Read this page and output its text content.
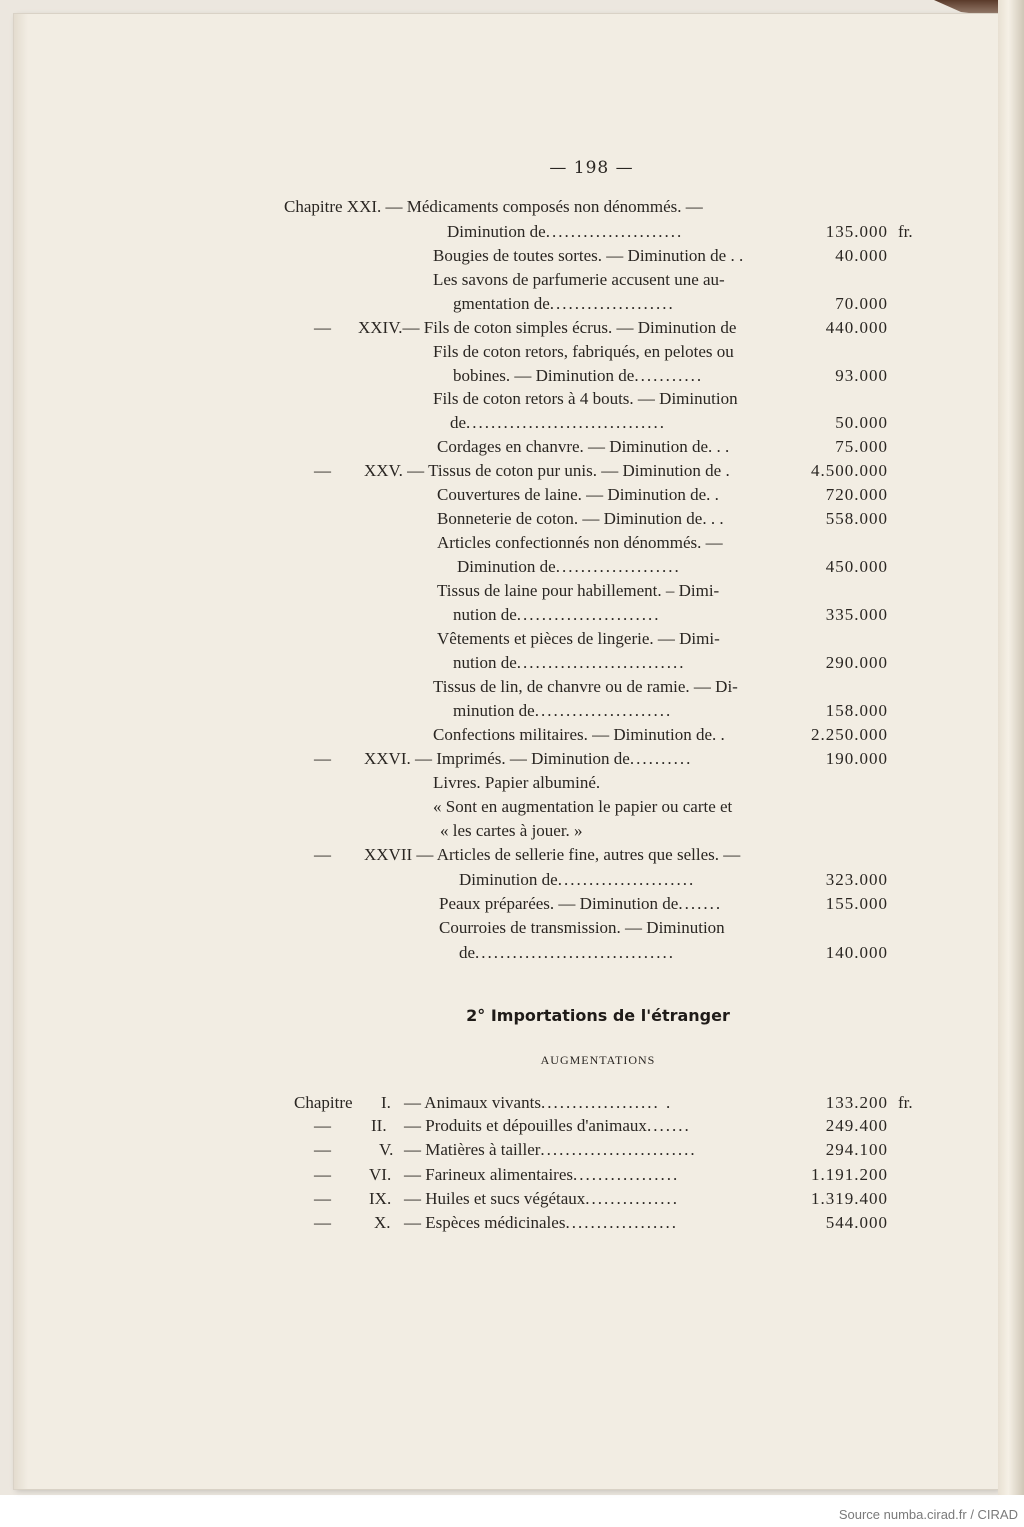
— 198 —
Chapitre XXI. — Médicaments composés non dénommés. —
Diminution de......................	135.000 fr.
Bougies de toutes sortes. — Diminution de . .	40.000
Les savons de parfumerie accusent une au-
gmentation de....................	70.000
— XXIV.— Fils de coton simples écrus. — Diminution de	440.000
Fils de coton retors, fabriqués, en pelotes ou
bobines. — Diminution de...........	93.000
Fils de coton retors à 4 bouts. — Diminution
de................................	50.000
Cordages en chanvre. — Diminution de. . .	75.000
— XXV. — Tissus de coton pur unis. — Diminution de .	4.500.000
Couvertures de laine. — Diminution de. .	720.000
Bonneterie de coton. — Diminution de. . .	558.000
Articles confectionnés non dénommés. —
Diminution de....................	450.000
Tissus de laine pour habillement. – Dimi-
nution de.......................	335.000
Vêtements et pièces de lingerie. — Dimi-
nution de...........................	290.000
Tissus de lin, de chanvre ou de ramie. — Di-
minution de......................	158.000
Confections militaires. — Diminution de. .	2.250.000
— XXVI. — Imprimés. — Diminution de..........	190.000
Livres. Papier albuminé.
« Sont en augmentation le papier ou carte et
« les cartes à jouer. »
— XXVII — Articles de sellerie fine, autres que selles. —
Diminution de......................	323.000
Peaux préparées. — Diminution de.......	155.000
Courroies de transmission. — Diminution
de................................	140.000
2° Importations de l'étranger
AUGMENTATIONS
Chapitre I. — Animaux vivants................... .	133.200 fr.
— II. — Produits et dépouilles d'animaux.......	249.400
—	V. — Matières à tailler.........................	294.100
— VI. — Farineux alimentaires.................	1.191.200
— IX. — Huiles et sucs végétaux...............	1.319.400
—	X. — Espèces médicinales..................	544.000
Source numba.cirad.fr / CIRAD
